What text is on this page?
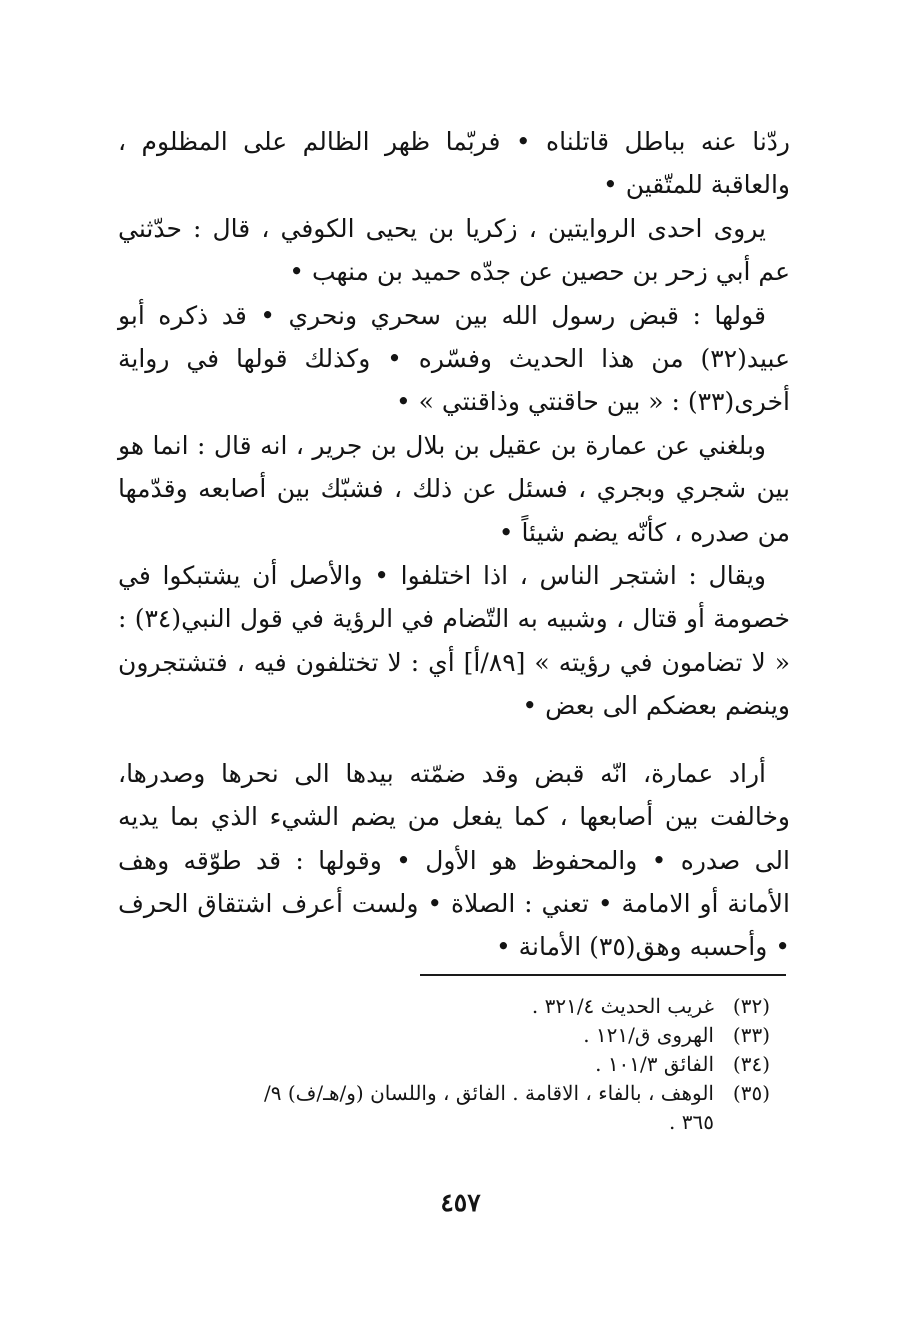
ردّنا عنه بباطل قاتلناه • فربّما ظهر الظالم على المظلوم ، والعاقبة للمتّقين •

يروى احدى الروايتين ، زكريا بن يحيى الكوفي ، قال : حدّثني عم أبي زحر بن حصين عن جدّه حميد بن منهب •

قولها : قبض رسول الله بين سحري ونحري • قد ذكره أبو عبيد(٣٢) من هذا الحديث وفسّره • وكذلك قولها في رواية أخرى(٣٣) : « بين حاقنتي وذاقنتي » •

وبلغني عن عمارة بن عقيل بن بلال بن جرير ، انه قال : انما هو بين شجري وبجري ، فسئل عن ذلك ، فشبّك بين أصابعه وقدّمها من صدره ، كأنّه يضم شيئاً •

ويقال : اشتجر الناس ، اذا اختلفوا • والأصل أن يشتبكوا في خصومة أو قتال ، وشبيه به التّضام في الرؤية في قول النبي(٣٤) : « لا تضامون في رؤيته » [٨٩/أ] أي : لا تختلفون فيه ، فتشتجرون وينضم بعضكم الى بعض •

أراد عمارة، انّه قبض وقد ضمّته بيدها الى نحرها وصدرها، وخالفت بين أصابعها ، كما يفعل من يضم الشيء الذي بما يديه الى صدره • والمحفوظ هو الأول • وقولها : قد طوّقه وهف الأمانة أو الامامة • تعني : الصلاة • ولست أعرف اشتقاق الحرف • وأحسبه وهق(٣٥) الأمانة •

(٣٢)
غريب الحديث ٣٢١/٤ .
(٣٣)
الهروى ق/١٢١ .
(٣٤)
الفائق ١٠١/٣ .
(٣٥)
الوهف ، بالفاء ، الاقامة . الفائق ، واللسان (و/هـ/ف) ٩/
٣٦٥ .
٤٥٧
